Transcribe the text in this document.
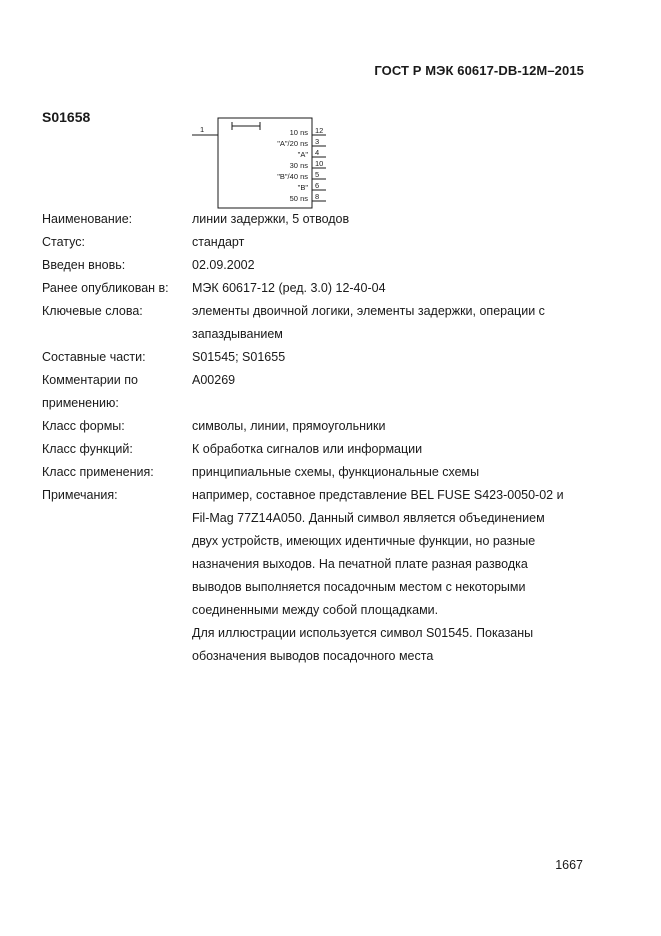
ГОСТ Р МЭК 60617-DB-12M–2015
S01658
1	10 ns
"A"/20 ns
"A"
30 ns
"B"/40 ns
"B"
50 ns
12
3
4
10
5
6
8
Наименование:	линии задержки, 5 отводов
Статус:	стандарт
Введен вновь:	02.09.2002
Ранее опубликован в:	МЭК 60617-12 (ред. 3.0) 12-40-04
Ключевые слова:	элементы двоичной логики, элементы задержки, операции с
запаздыванием
Составные части:	S01545; S01655
Комментарии по применению:
A00269
Класс формы:	символы, линии, прямоугольники
Класс функций:	К обработка сигналов или информации
Класс применения:	принципиальные схемы, функциональные схемы
Примечания:	например, составное представление BEL FUSE S423-0050-02 и
Fil-Mag 77Z14A050. Данный символ является объединением
двух устройств, имеющих идентичные функции, но разные
назначения выходов. На печатной плате разная разводка
выводов выполняется посадочным местом с некоторыми
соединенными между собой площадками.
Для иллюстрации используется символ S01545. Показаны
обозначения выводов посадочного места
1667
